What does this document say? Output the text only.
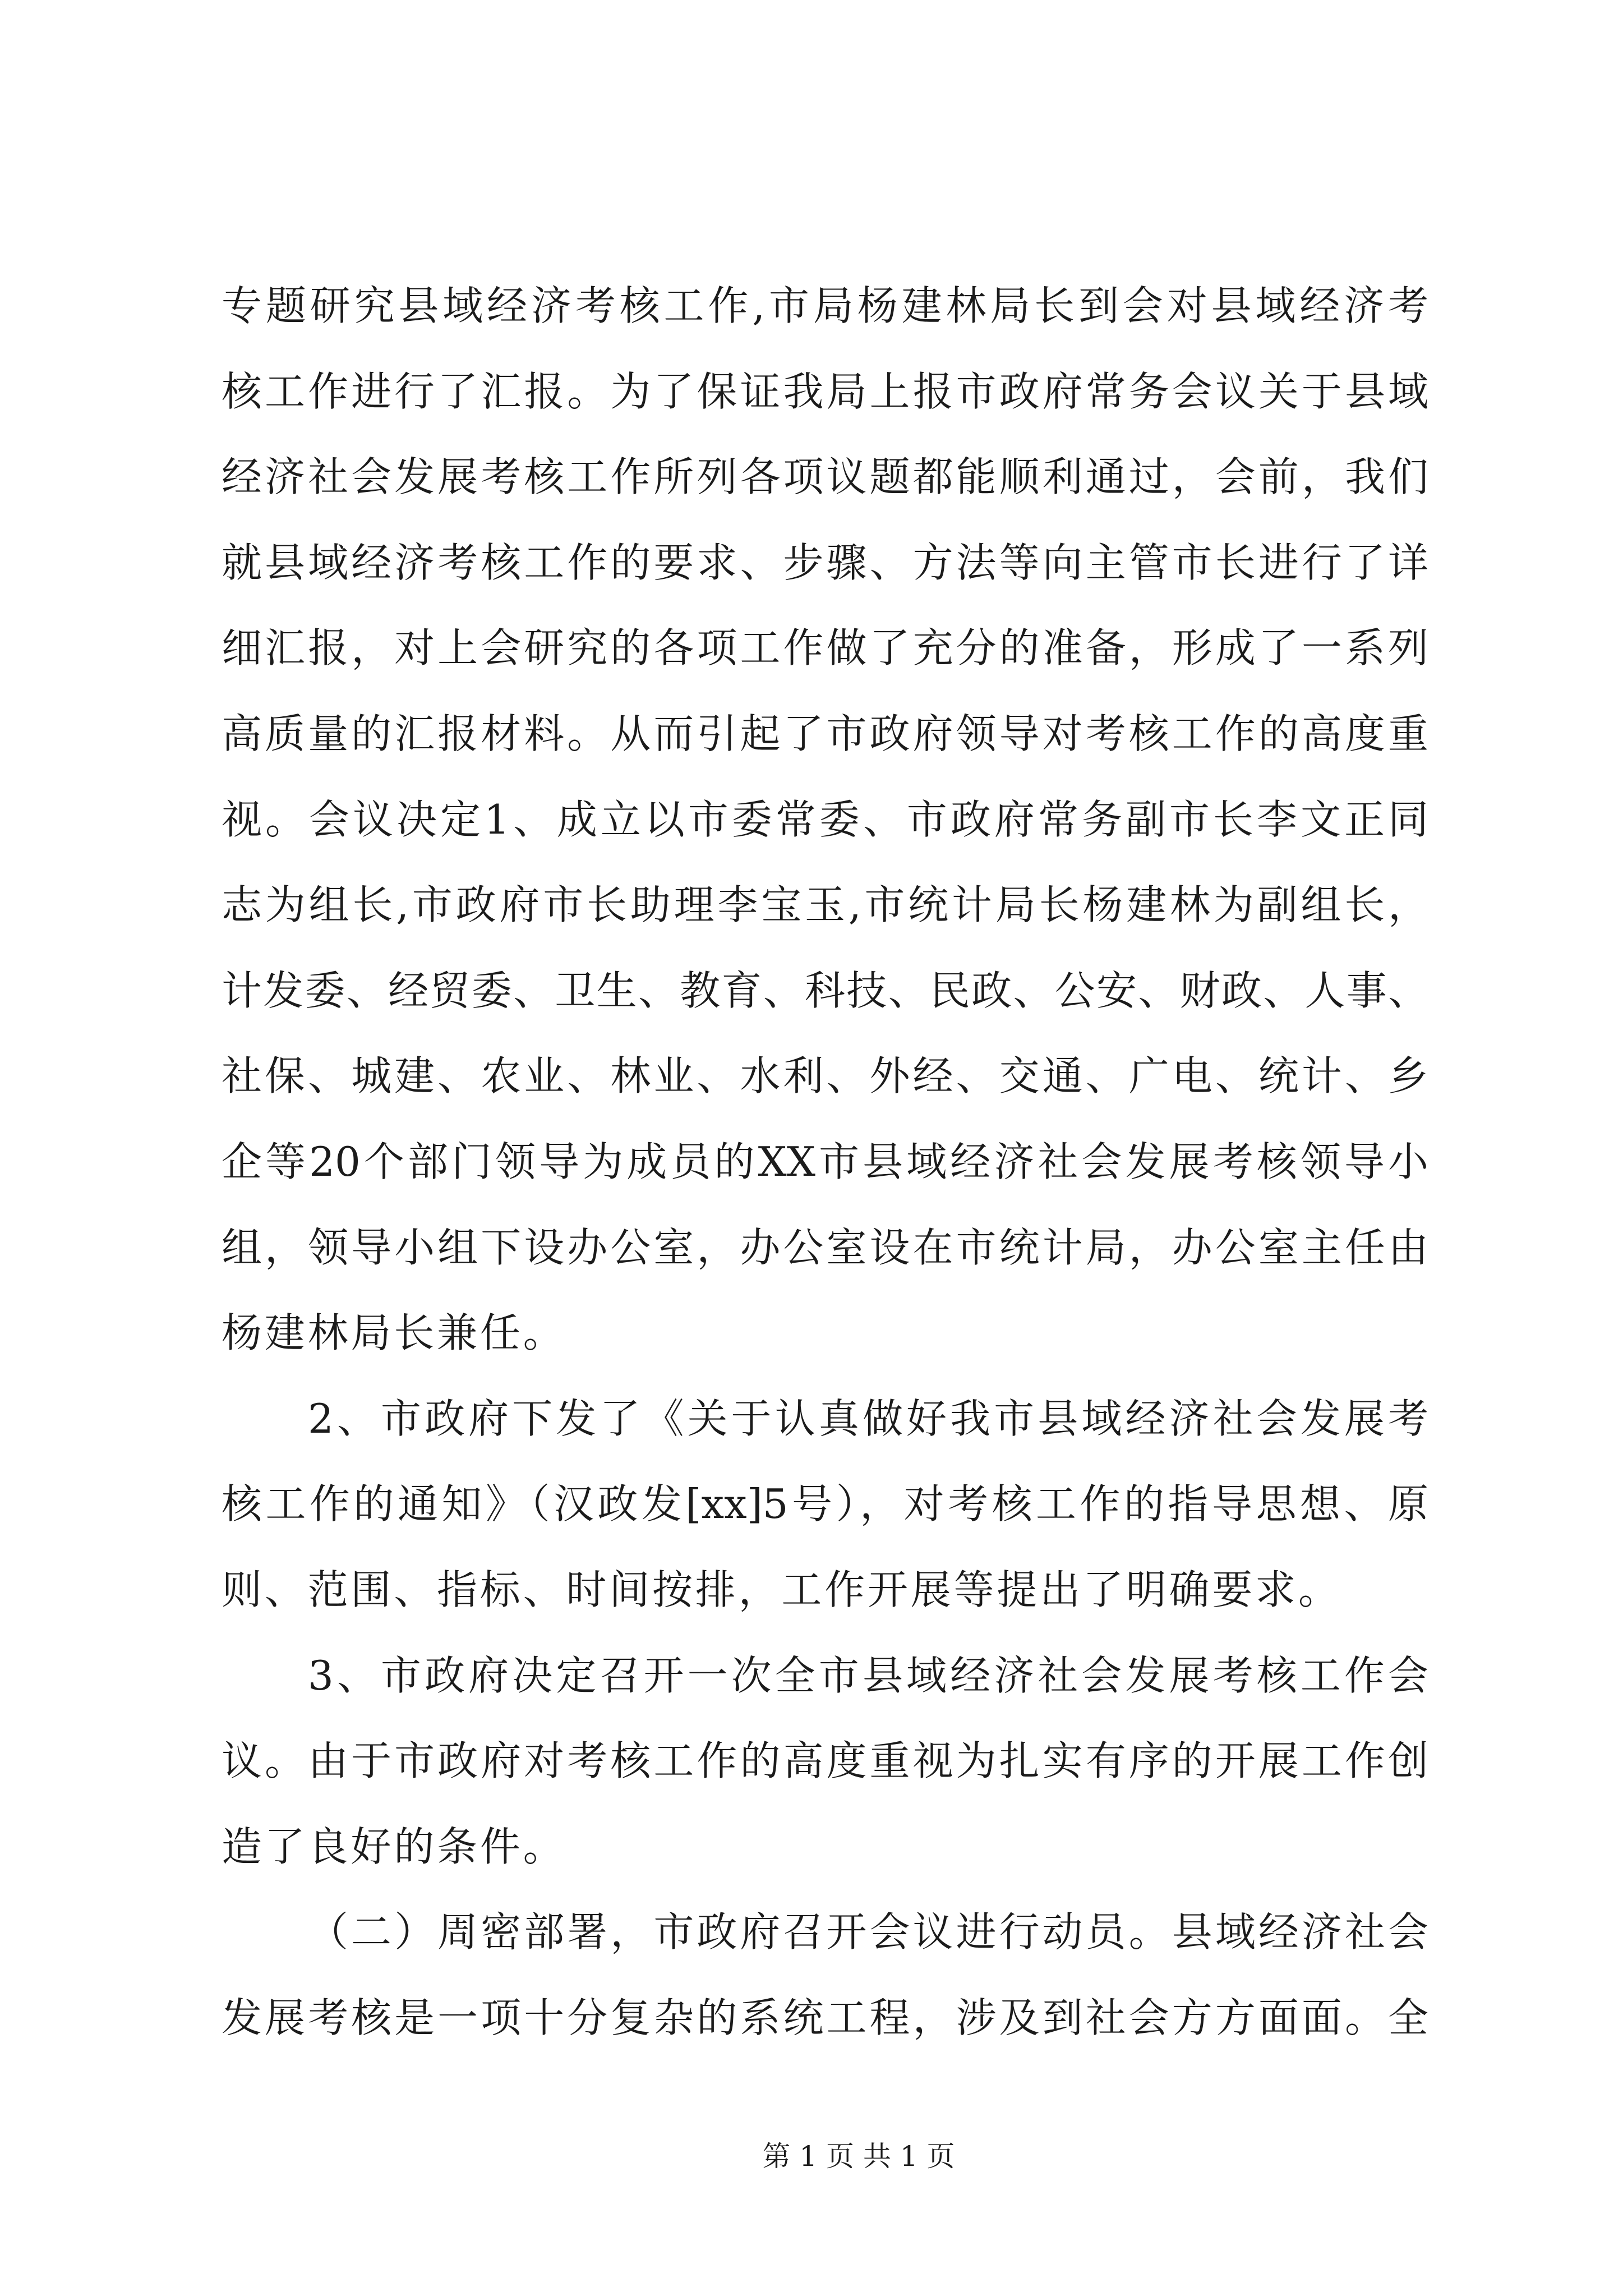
专题研究县域经济考核工作,市局杨建林局长到会对县域经济考
核工作进行了汇报。为了保证我局上报市政府常务会议关于县域
经济社会发展考核工作所列各项议题都能顺利通过，会前，我们
就县域经济考核工作的要求、步骤、方法等向主管市长进行了详
细汇报，对上会研究的各项工作做了充分的准备，形成了一系列
高质量的汇报材料。从而引起了市政府领导对考核工作的高度重
视。会议决定1、成立以市委常委、市政府常务副市长李文正同
志为组长,市政府市长助理李宝玉,市统计局长杨建林为副组长，
计发委、经贸委、卫生、教育、科技、民政、公安、财政、人事、
社保、城建、农业、林业、水利、外经、交通、广电、统计、乡
企等20个部门领导为成员的XX市县域经济社会发展考核领导小
组，领导小组下设办公室，办公室设在市统计局，办公室主任由
杨建林局长兼任。
2、市政府下发了《关于认真做好我市县域经济社会发展考
核工作的通知》（汉政发[xx]5号），对考核工作的指导思想、原
则、范围、指标、时间按排，工作开展等提出了明确要求。
3、市政府决定召开一次全市县域经济社会发展考核工作会
议。由于市政府对考核工作的高度重视为扎实有序的开展工作创
造了良好的条件。
（二）周密部署，市政府召开会议进行动员。县域经济社会
发展考核是一项十分复杂的系统工程，涉及到社会方方面面。全
第 1 页 共 1 页
